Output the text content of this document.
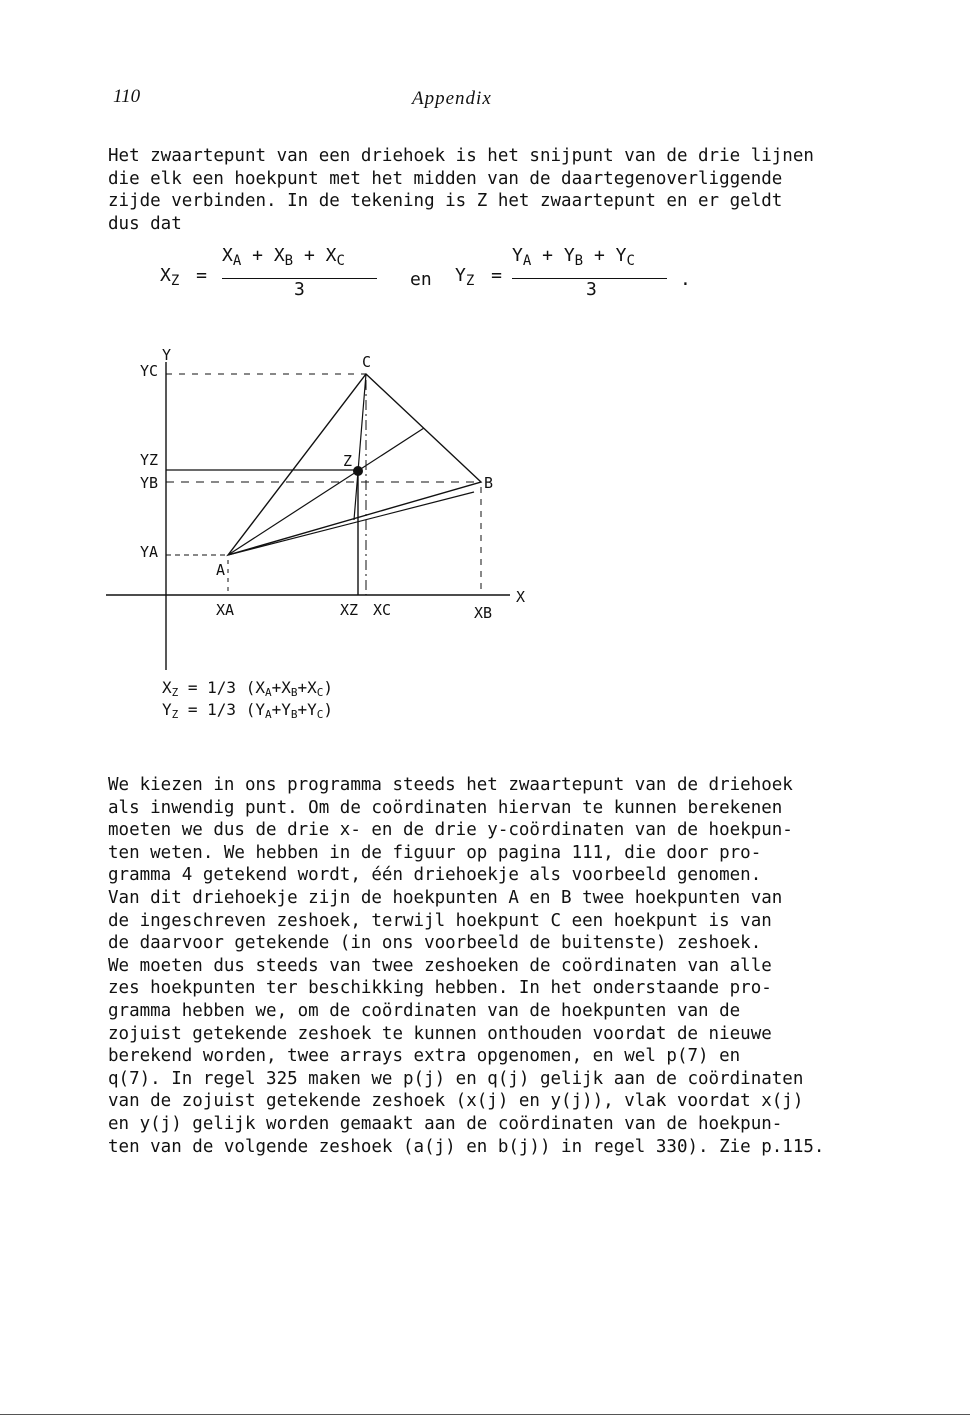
110	Appendix
Het zwaartepunt van een driehoek is het snijpunt van de drie lijnen
die elk een hoekpunt met het midden van de daartegenoverliggende
zijde verbinden. In de tekening is Z het zwaartepunt en er geldt
dus dat
$X_Z$ =
$X_A + X_B + X_C$
3	en $Y_Z$ =
$Y_A + Y_B + Y_C$
3	.
C
B
A
Z
Y
X
YC
YZ
YB
YA
XA	XZ XC	XB
$X_Z = 1/3$ $(X_A+X_B+X_C)$
$Y_Z = 1/3$ $(Y_A+Y_B+Y_C)$
We kiezen in ons programma steeds het zwaartepunt van de driehoek
als inwendig punt. Om de coördinaten hiervan te kunnen berekenen
moeten we dus de drie x- en de drie y-coördinaten van de hoekpun-
ten weten. We hebben in de figuur op pagina 111, die door pro-
gramma 4 getekend wordt, één driehoekje als voorbeeld genomen.
Van dit driehoekje zijn de hoekpunten A en B twee hoekpunten van
de ingeschreven zeshoek, terwijl hoekpunt C een hoekpunt is van
de daarvoor getekende (in ons voorbeeld de buitenste) zeshoek.
We moeten dus steeds van twee zeshoeken de coördinaten van alle
zes hoekpunten ter beschikking hebben. In het onderstaande pro-
gramma hebben we, om de coördinaten van de hoekpunten van de
zojuist getekende zeshoek te kunnen onthouden voordat de nieuwe
berekend worden, twee arrays extra opgenomen, en wel p(7) en
q(7). In regel 325 maken we p(j) en q(j) gelijk aan de coördinaten
van de zojuist getekende zeshoek (x(j) en y(j)), vlak voordat x(j)
en y(j) gelijk worden gemaakt aan de coördinaten van de hoekpun-
ten van de volgende zeshoek (a(j) en b(j)) in regel 330). Zie p.115.
